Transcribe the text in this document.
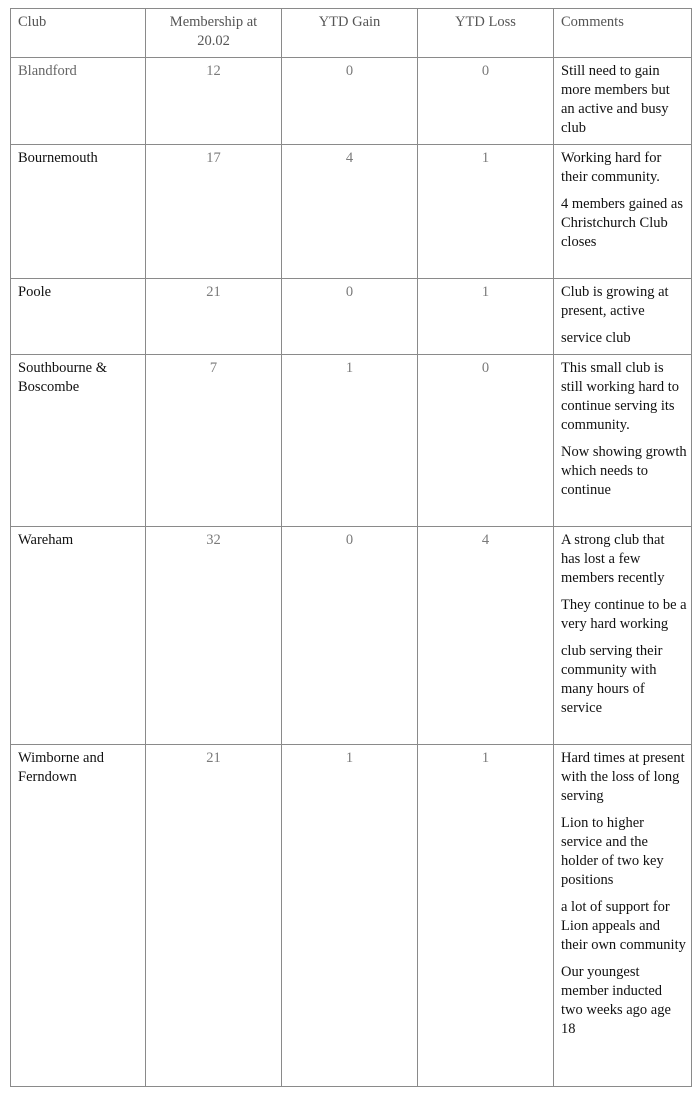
Club	Membership at 20.02	YTD Gain	YTD Loss	Comments
Blandford	12	0	0	Still need to gain more members but an active and busy club

Bournemouth	17	4	1	Working hard for their community.

4 members gained as Christchurch Club closes

Poole	21	0	1	Club is growing at present, active

service club

Southbourne & Boscombe	7	1	0	This small club is still working hard to continue serving its community.

Now showing growth which needs to continue

Wareham	32	0	4	A strong club that has lost a few members recently

They continue to be a very hard working

club serving their community with many hours of service

Wimborne and Ferndown	21	1	1	Hard times at present with the loss of long serving

Lion to higher service and the holder of two key positions

a lot of support for Lion appeals and their own community

Our youngest member inducted two weeks ago age 18
